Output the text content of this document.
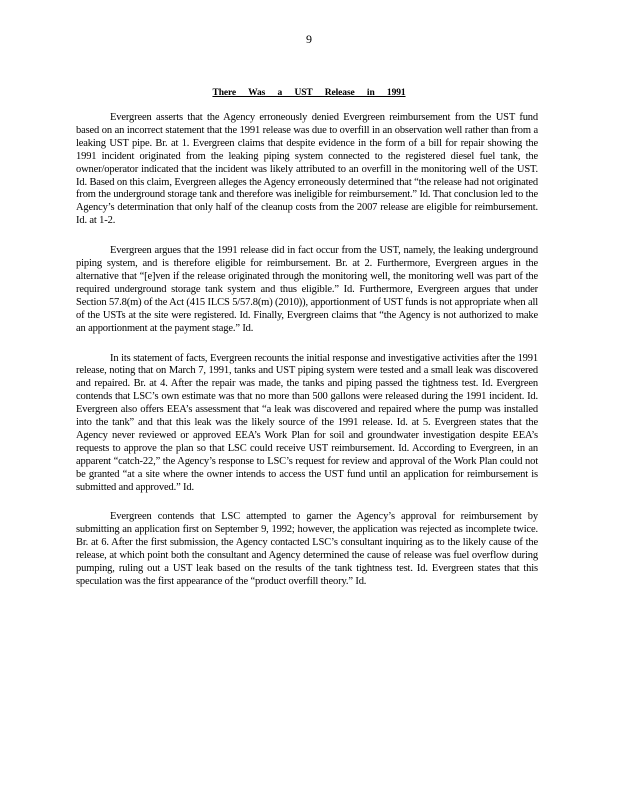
9
There Was a UST Release in 1991

Evergreen asserts that the Agency erroneously denied Evergreen reimbursement from the UST fund based on an incorrect statement that the 1991 release was due to overfill in an observation well rather than from a leaking UST pipe. Br. at 1. Evergreen claims that despite evidence in the form of a bill for repair showing the 1991 incident originated from the leaking piping system connected to the registered diesel fuel tank, the owner/operator indicated that the incident was likely attributed to an overfill in the monitoring well of the UST. Id. Based on this claim, Evergreen alleges the Agency erroneously determined that “the release had not originated from the underground storage tank and therefore was ineligible for reimbursement.” Id. That conclusion led to the Agency’s determination that only half of the cleanup costs from the 2007 release are eligible for reimbursement. Id. at 1-2.

Evergreen argues that the 1991 release did in fact occur from the UST, namely, the leaking underground piping system, and is therefore eligible for reimbursement. Br. at 2. Furthermore, Evergreen argues in the alternative that “[e]ven if the release originated through the monitoring well, the monitoring well was part of the required underground storage tank system and thus eligible.” Id. Furthermore, Evergreen argues that under Section 57.8(m) of the Act (415 ILCS 5/57.8(m) (2010)), apportionment of UST funds is not appropriate when all of the USTs at the site were registered. Id. Finally, Evergreen claims that “the Agency is not authorized to make an apportionment at the payment stage.” Id.

In its statement of facts, Evergreen recounts the initial response and investigative activities after the 1991 release, noting that on March 7, 1991, tanks and UST piping system were tested and a small leak was discovered and repaired. Br. at 4. After the repair was made, the tanks and piping passed the tightness test. Id. Evergreen contends that LSC’s own estimate was that no more than 500 gallons were released during the 1991 incident. Id. Evergreen also offers EEA’s assessment that “a leak was discovered and repaired where the pump was installed into the tank” and that this leak was the likely source of the 1991 release. Id. at 5. Evergreen states that the Agency never reviewed or approved EEA’s Work Plan for soil and groundwater investigation despite EEA’s requests to approve the plan so that LSC could receive UST reimbursement. Id. According to Evergreen, in an apparent “catch-22,” the Agency’s response to LSC’s request for review and approval of the Work Plan could not be granted “at a site where the owner intends to access the UST fund until an application for reimbursement is submitted and approved.” Id.

Evergreen contends that LSC attempted to garner the Agency’s approval for reimbursement by submitting an application first on September 9, 1992; however, the application was rejected as incomplete twice. Br. at 6. After the first submission, the Agency contacted LSC’s consultant inquiring as to the likely cause of the release, at which point both the consultant and Agency determined the cause of release was fuel overflow during pumping, ruling out a UST leak based on the results of the tank tightness test. Id. Evergreen states that this speculation was the first appearance of the “product overfill theory.” Id.
